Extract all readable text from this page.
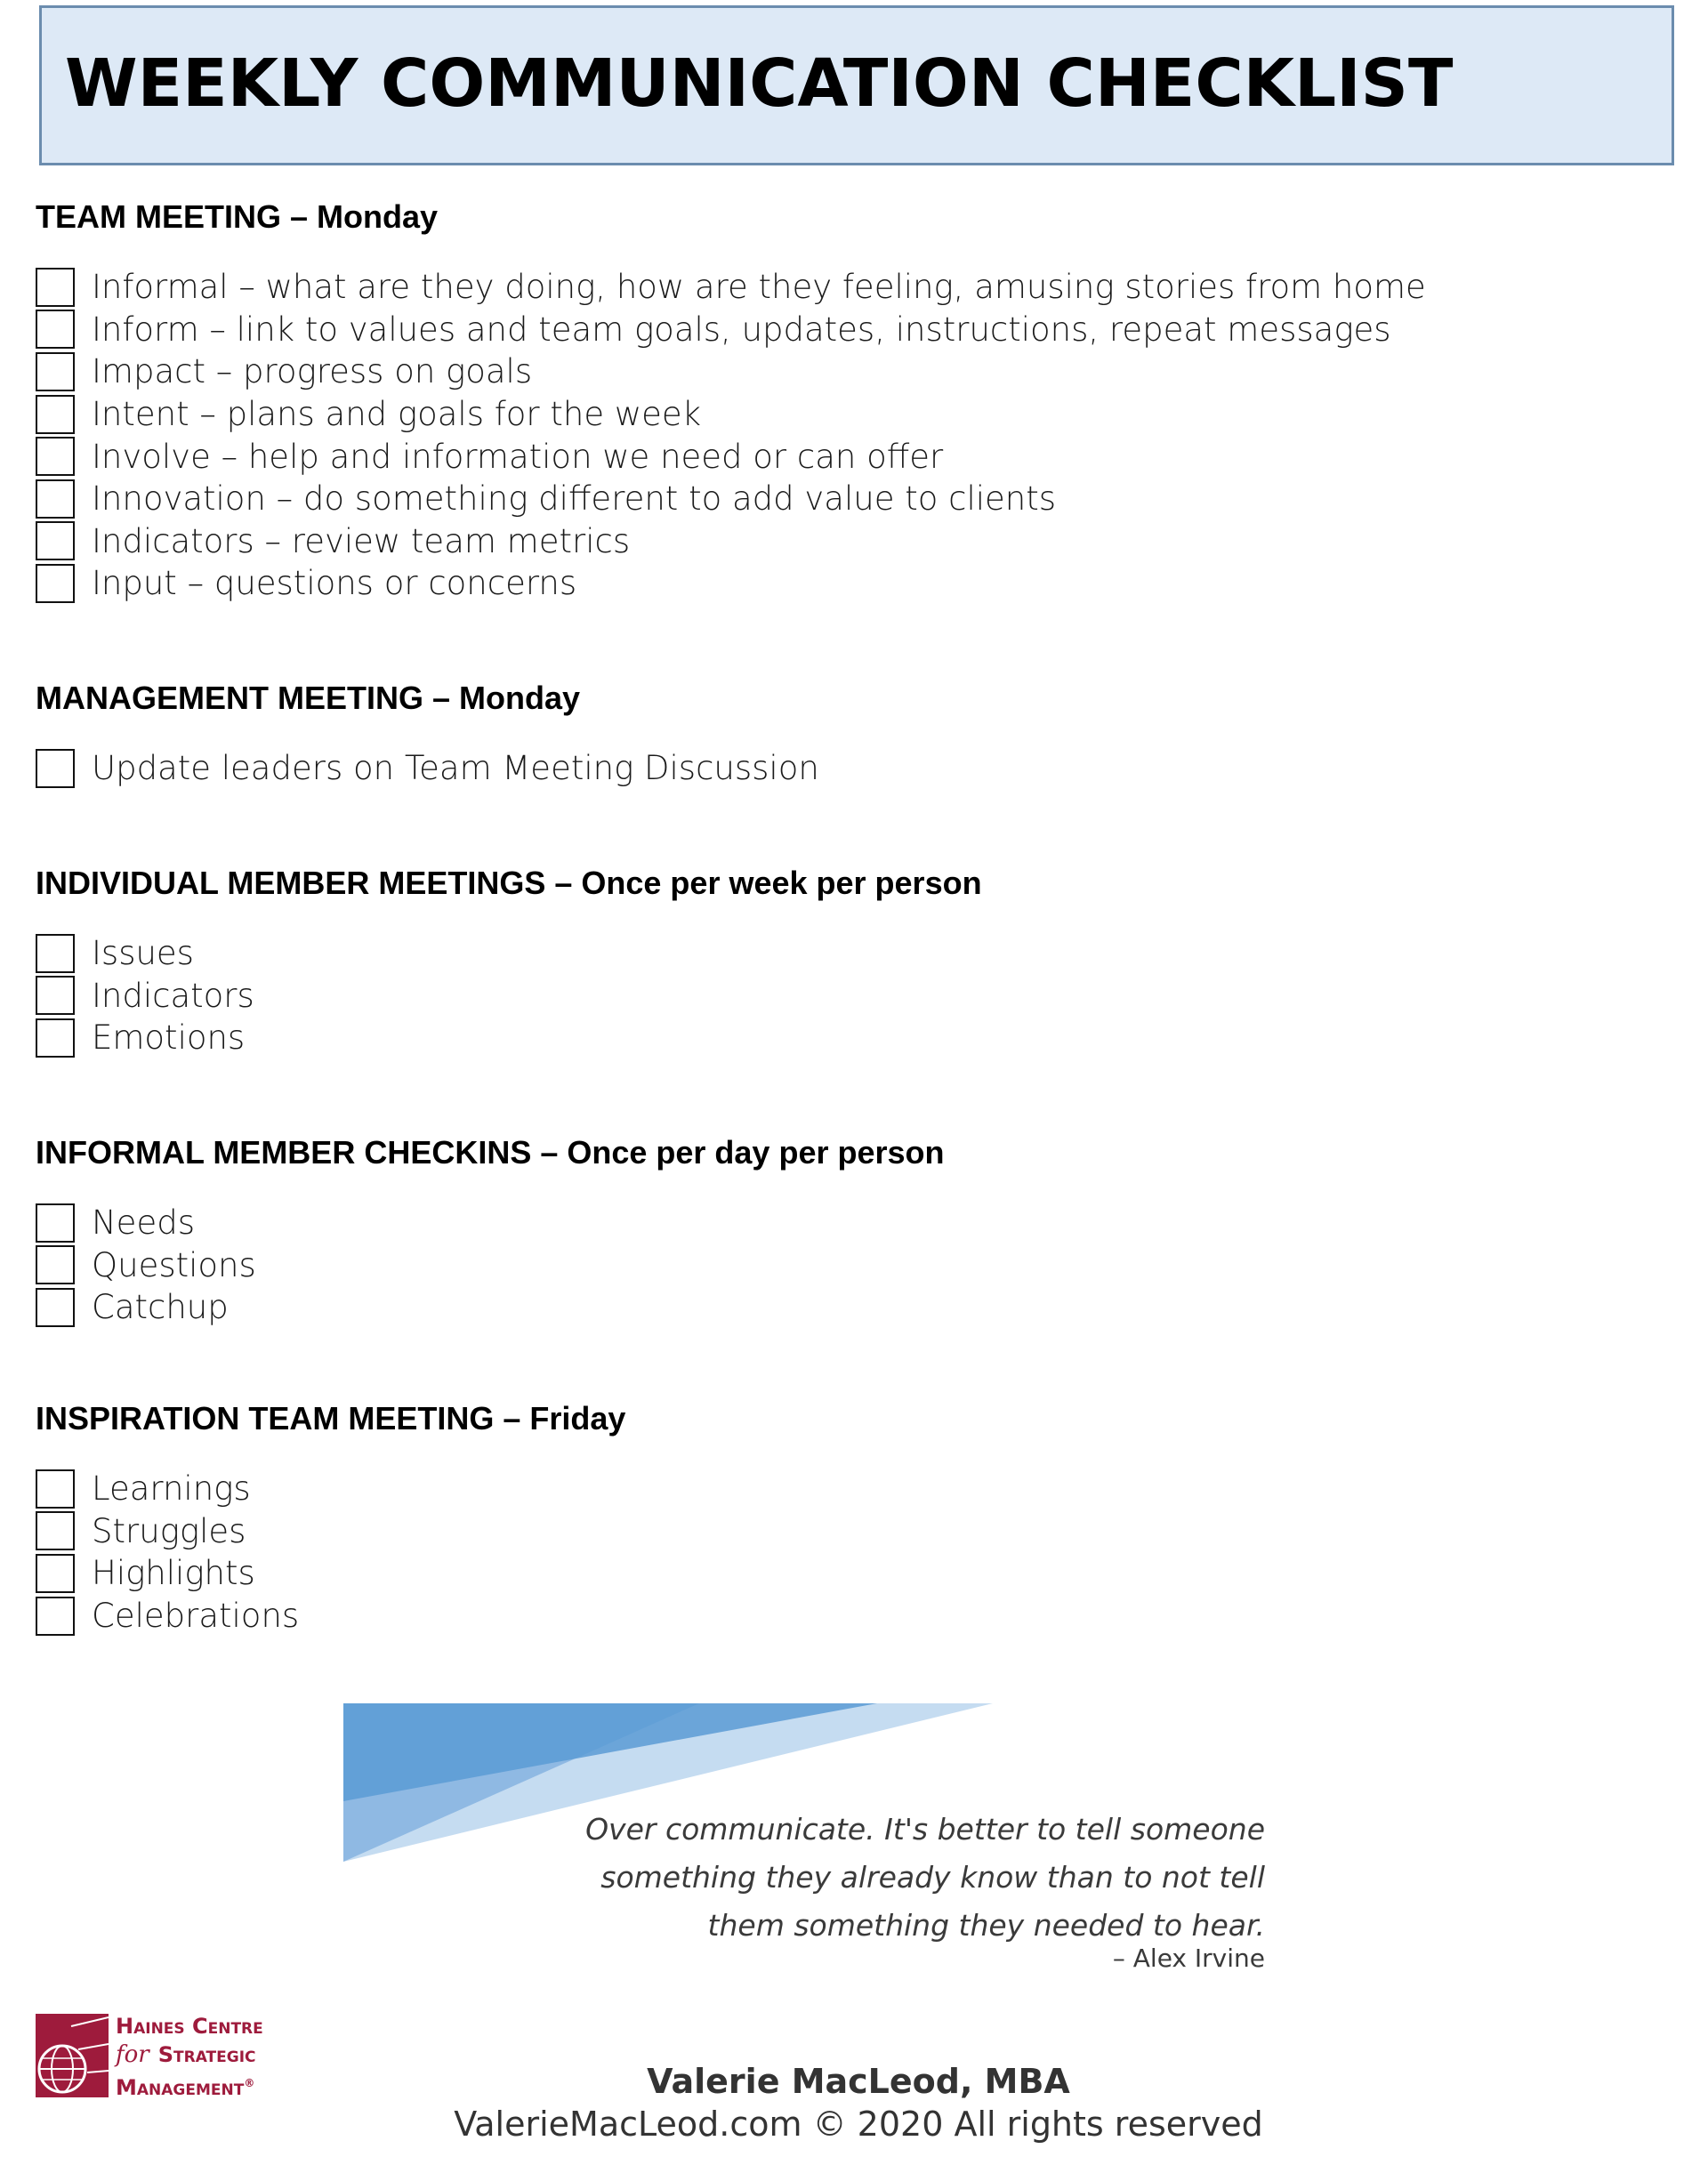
WEEKLY COMMUNICATION CHECKLIST
TEAM MEETING – Monday
Informal – what are they doing, how are they feeling, amusing stories from home
Inform – link to values and team goals, updates, instructions, repeat messages
Impact – progress on goals
Intent – plans and goals for the week
Involve – help and information we need or can offer
Innovation – do something different to add value to clients
Indicators – review team metrics
Input – questions or concerns
MANAGEMENT MEETING – Monday
Update leaders on Team Meeting Discussion
INDIVIDUAL MEMBER MEETINGS – Once per week per person
Issues
Indicators
Emotions
INFORMAL MEMBER CHECKINS – Once per day per person
Needs
Questions
Catchup
INSPIRATION TEAM MEETING – Friday
Learnings
Struggles
Highlights
Celebrations
Over communicate. It's better to tell someone
something they already know than to not tell
them something they needed to hear.
– Alex Irvine
Haines Centre
for Strategic
Management®	Valerie MacLeod, MBA
ValerieMacLeod.com © 2020 All rights reserved
